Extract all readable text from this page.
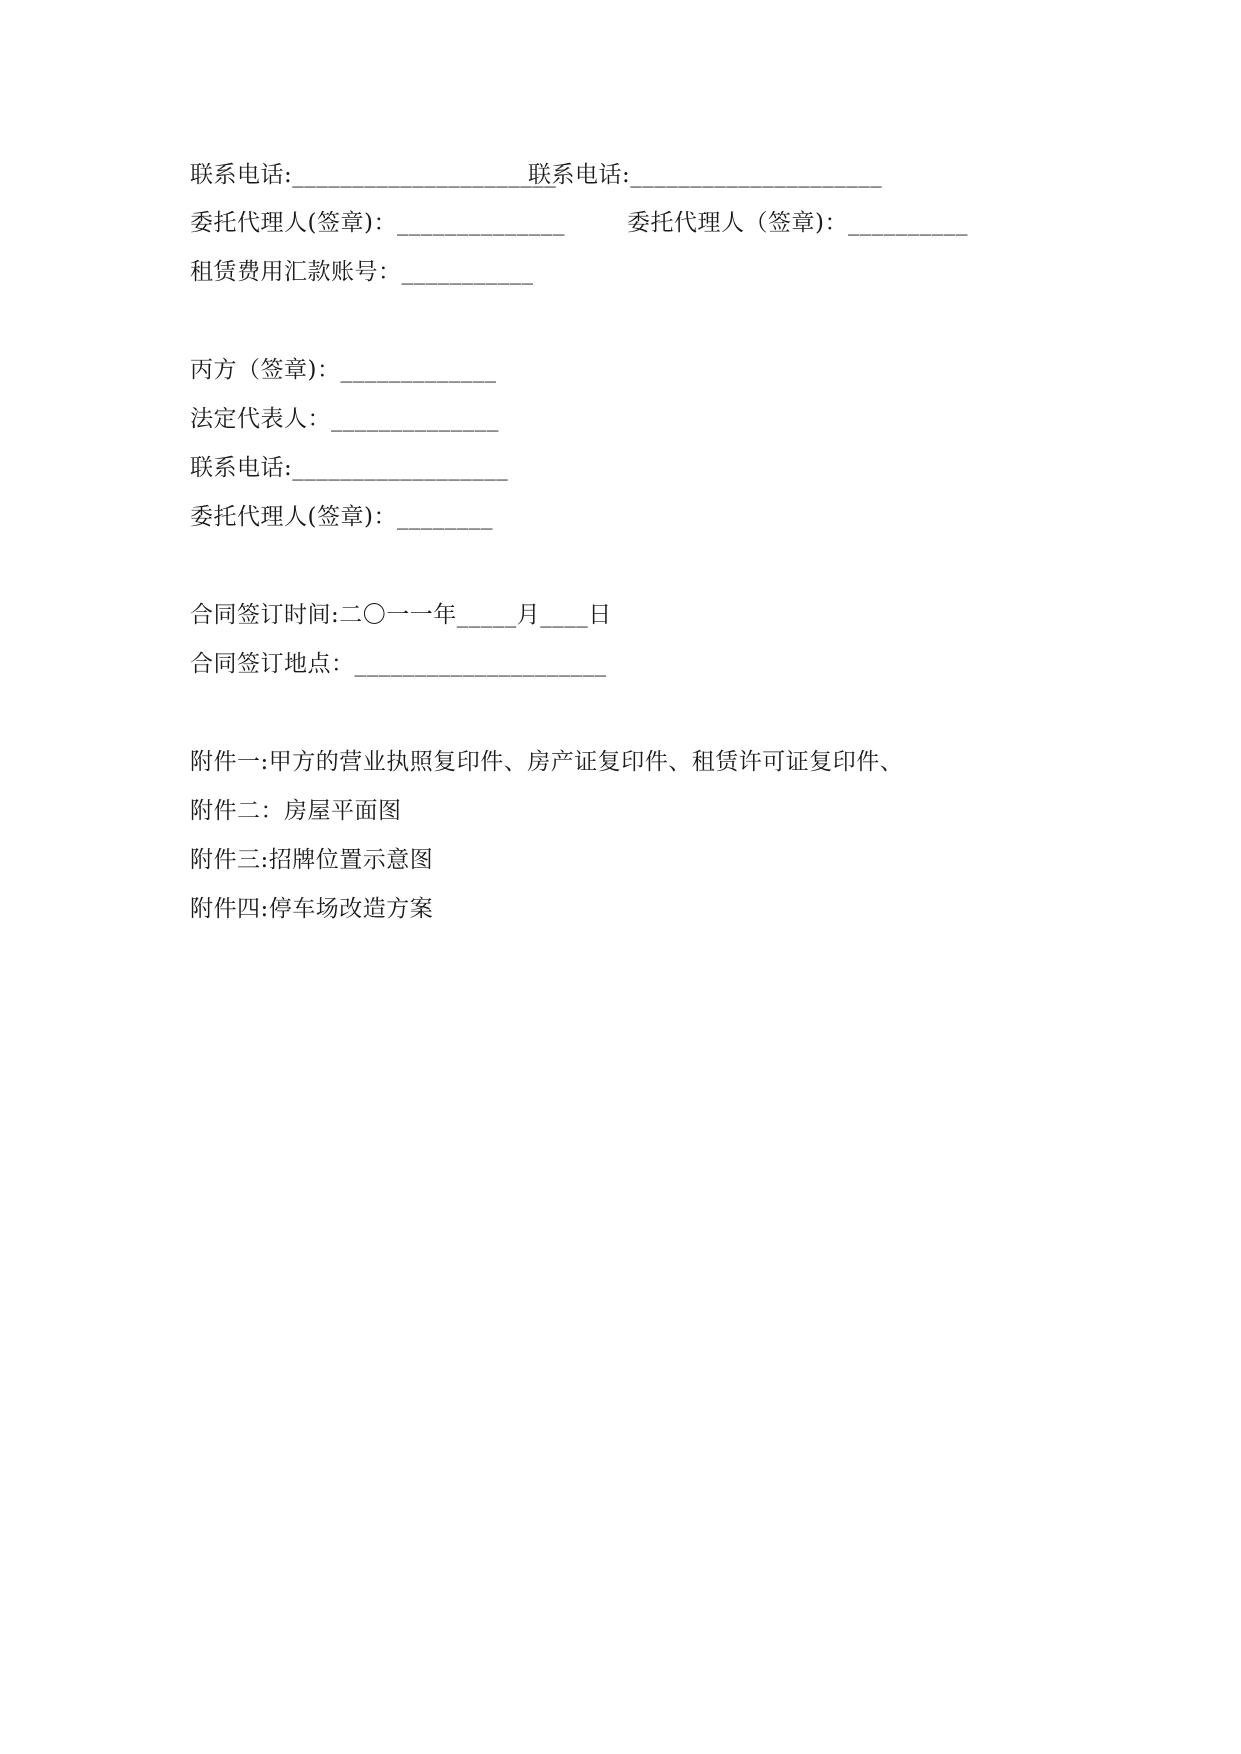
联系电话:______________________

联系电话:_____________________

委托代理人(签章)：______________

	委托代理人（签章)：__________

租赁费用汇款账号：___________
丙方（签章)：_____________
法定代表人：______________
联系电话:__________________
委托代理人(签章)：________
合同签订时间:二〇一一年_____月____日
合同签订地点：_____________________
附件一:甲方的营业执照复印件、房产证复印件、租赁许可证复印件、
附件二：房屋平面图
附件三:招牌位置示意图
附件四:停车场改造方案
